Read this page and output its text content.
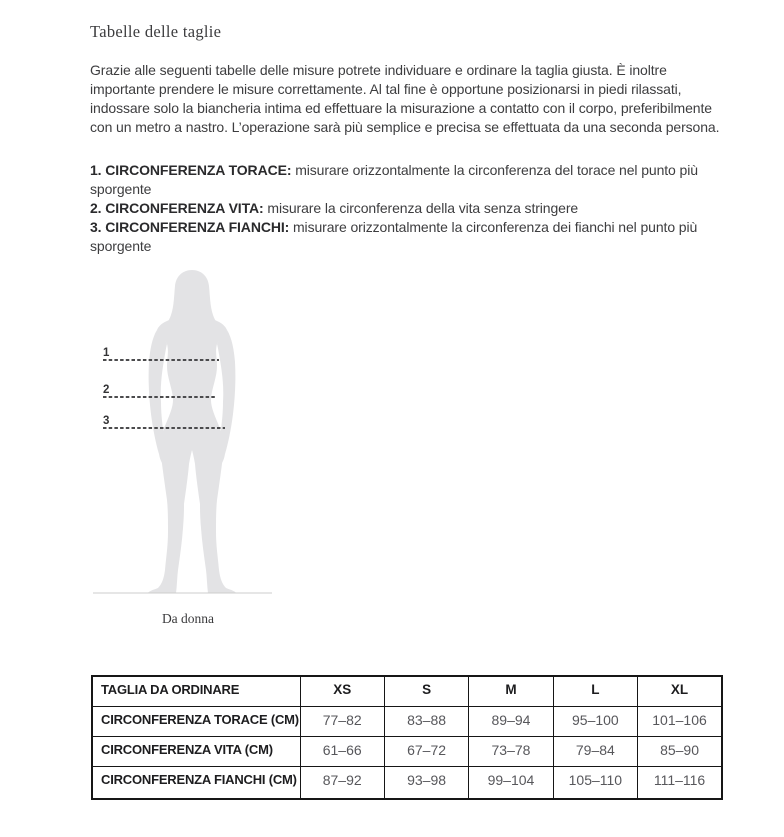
Tabelle delle taglie
Grazie alle seguenti tabelle delle misure potrete individuare e ordinare la taglia giusta. È inoltre importante prendere le misure correttamente. Al tal fine è opportune posizionarsi in piedi rilassati, indossare solo la biancheria intima ed effettuare la misurazione a contatto con il corpo, preferibilmente con un metro a nastro. L’operazione sarà più semplice e precisa se effettuata da una seconda persona.
1. CIRCONFERENZA TORACE: misurare orizzontalmente la circonferenza del torace nel punto più sporgente
2. CIRCONFERENZA VITA: misurare la circonferenza della vita senza stringere
3. CIRCONFERENZA FIANCHI: misurare orizzontalmente la circonferenza dei fianchi nel punto più sporgente
1
2
3
Da donna
TAGLIA DA ORDINARE	XS	S	M	L	XL
CIRCONFERENZA TORACE (CM)	77–82	83–88	89–94	95–100	101–106
CIRCONFERENZA VITA (CM)	61–66	67–72	73–78	79–84	85–90
CIRCONFERENZA FIANCHI (CM)	87–92	93–98	99–104	105–110	111–116
